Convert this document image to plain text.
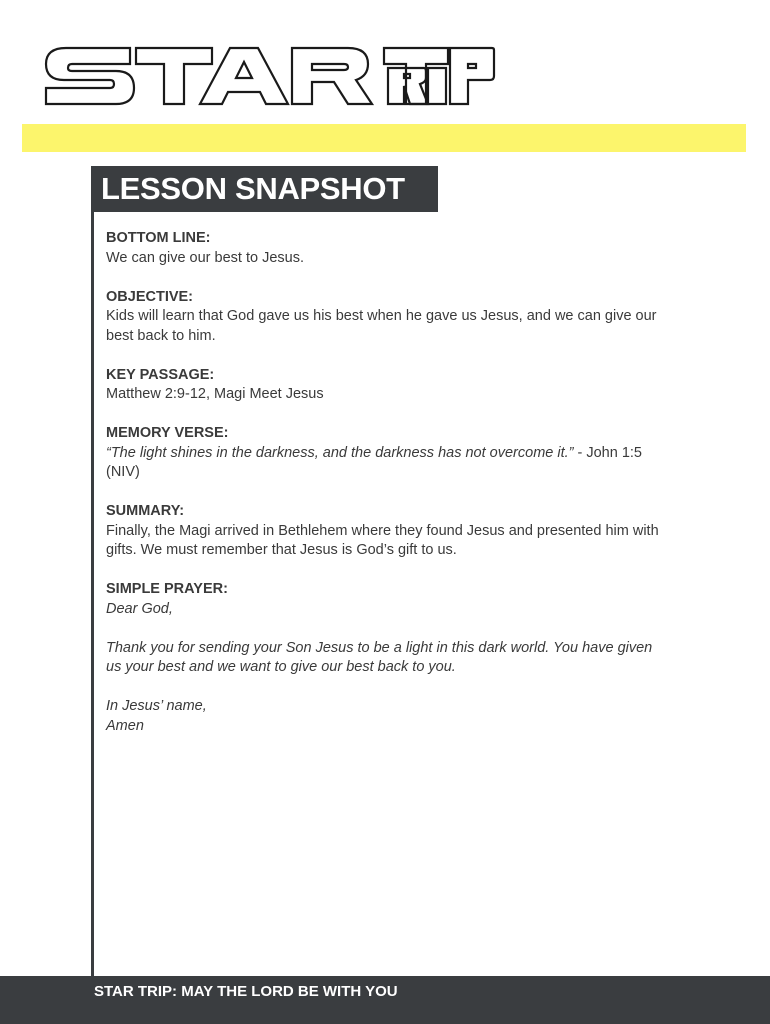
LESSON SNAPSHOT
BOTTOM LINE:
We can give our best to Jesus.
OBJECTIVE:
Kids will learn that God gave us his best when he gave us Jesus, and we can give our
best back to him.
KEY PASSAGE:
Matthew 2:9-12, Magi Meet Jesus
MEMORY VERSE:
“The light shines in the darkness, and the darkness has not overcome it.” - John 1:5
(NIV)
SUMMARY:
Finally, the Magi arrived in Bethlehem where they found Jesus and presented him with
gifts. We must remember that Jesus is God’s gift to us.
SIMPLE PRAYER:
Dear God,
Thank you for sending your Son Jesus to be a light in this dark world. You have given
us your best and we want to give our best back to you.
In Jesus’ name,
Amen
STAR TRIP: MAY THE LORD BE WITH YOU
